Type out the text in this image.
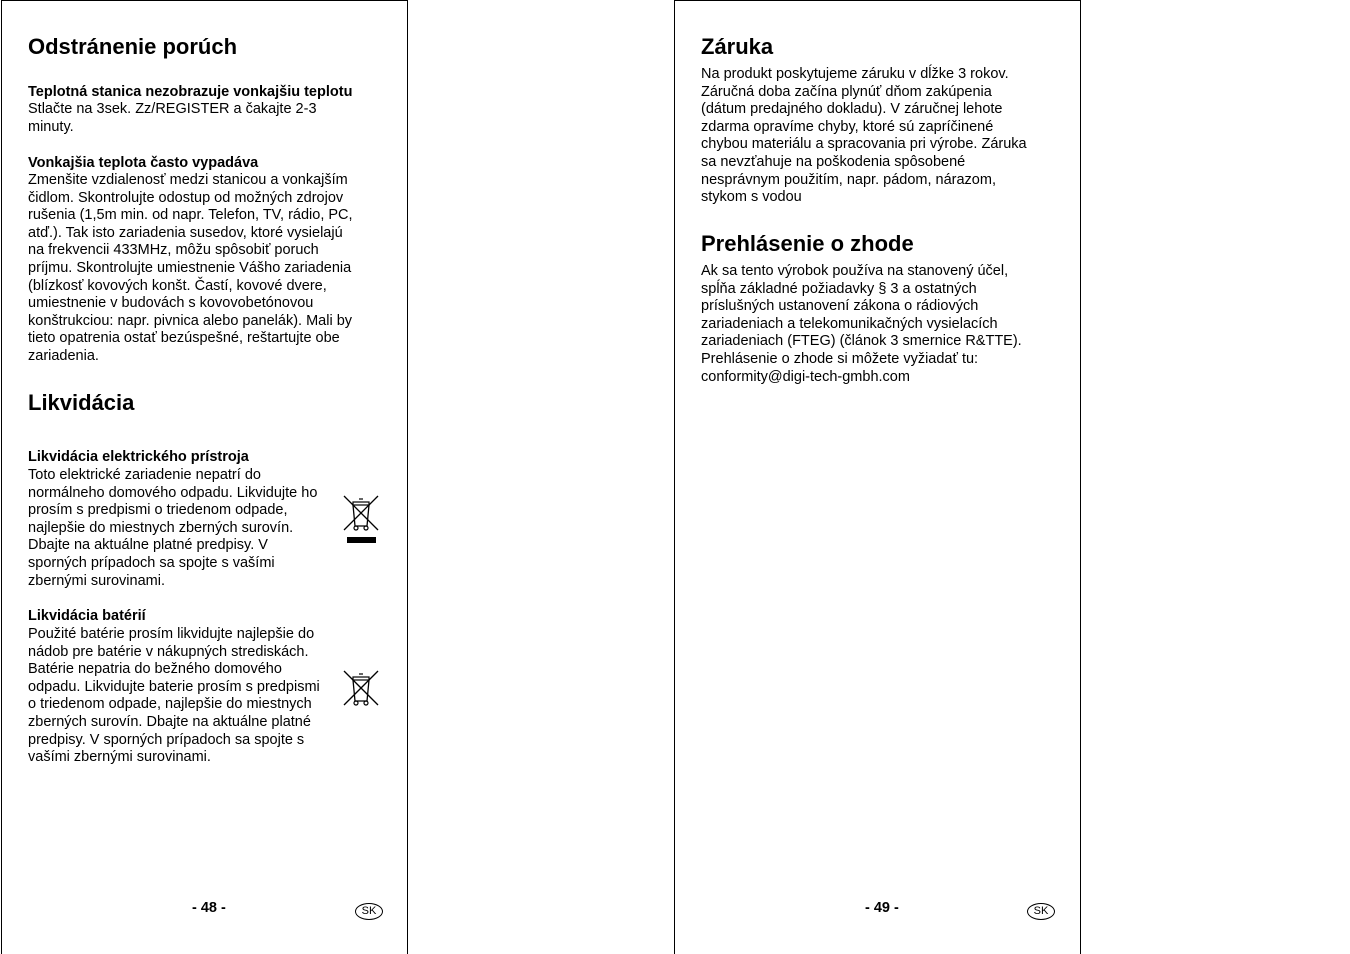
Odstránenie porúch

Teplotná stanica nezobrazuje vonkajšiu teplotu

Stlačte na 3sek. Zz/REGISTER a čakajte 2-3
minuty.

Vonkajšia teplota často vypadáva

Zmenšite vzdialenosť medzi stanicou a vonkajším
čidlom. Skontrolujte odostup od možných zdrojov
rušenia (1,5m min. od napr. Telefon, TV, rádio, PC,
atď.). Tak isto zariadenia susedov, ktoré vysielajú
na frekvencii 433MHz, môžu spôsobiť poruch
príjmu. Skontrolujte umiestnenie Vášho zariadenia
(blízkosť kovových konšt. Častí, kovové dvere,
umiestnenie v budovách s kovovobetónovou
konštrukciou: napr. pivnica alebo panelák). Mali by
tieto opatrenia ostať bezúspešné, reštartujte obe
zariadenia.

Likvidácia

Likvidácia elektrického prístroja

Toto elektrické zariadenie nepatrí do
normálneho domového odpadu. Likvidujte ho
prosím s predpismi o triedenom odpade,
najlepšie do miestnych zberných surovín.
Dbajte na aktuálne platné predpisy. V
sporných prípadoch sa spojte s vašími
zbernými surovinami.

Likvidácia batérií

Použité batérie prosím likvidujte najlepšie do
nádob pre batérie v nákupných strediskách.
Batérie nepatria do bežného domového
odpadu. Likvidujte baterie prosím s predpismi
o triedenom odpade, najlepšie do miestnych
zberných surovín. Dbajte na aktuálne platné
predpisy. V sporných prípadoch sa spojte s
vašími zbernými surovinami.

- 48 -	SK
Záruka

Na produkt poskytujeme záruku v dĺžke 3 rokov.
Záručná doba začína plynúť dňom zakúpenia
(dátum predajného dokladu). V záručnej lehote
zdarma opravíme chyby, ktoré sú zapríčinené
chybou materiálu a spracovania pri výrobe. Záruka
sa nevzťahuje na poškodenia spôsobené
nesprávnym použitím, napr. pádom, nárazom,
stykom s vodou

Prehlásenie o zhode

Ak sa tento výrobok používa na stanovený účel,
spĺňa základné požiadavky § 3 a ostatných
príslušných ustanovení zákona o rádiových
zariadeniach a telekomunikačných vysielacích
zariadeniach (FTEG) (článok 3 smernice R&TTE).
Prehlásenie o zhode si môžete vyžiadať tu:
conformity@digi-tech-gmbh.com

- 49 -	SK
